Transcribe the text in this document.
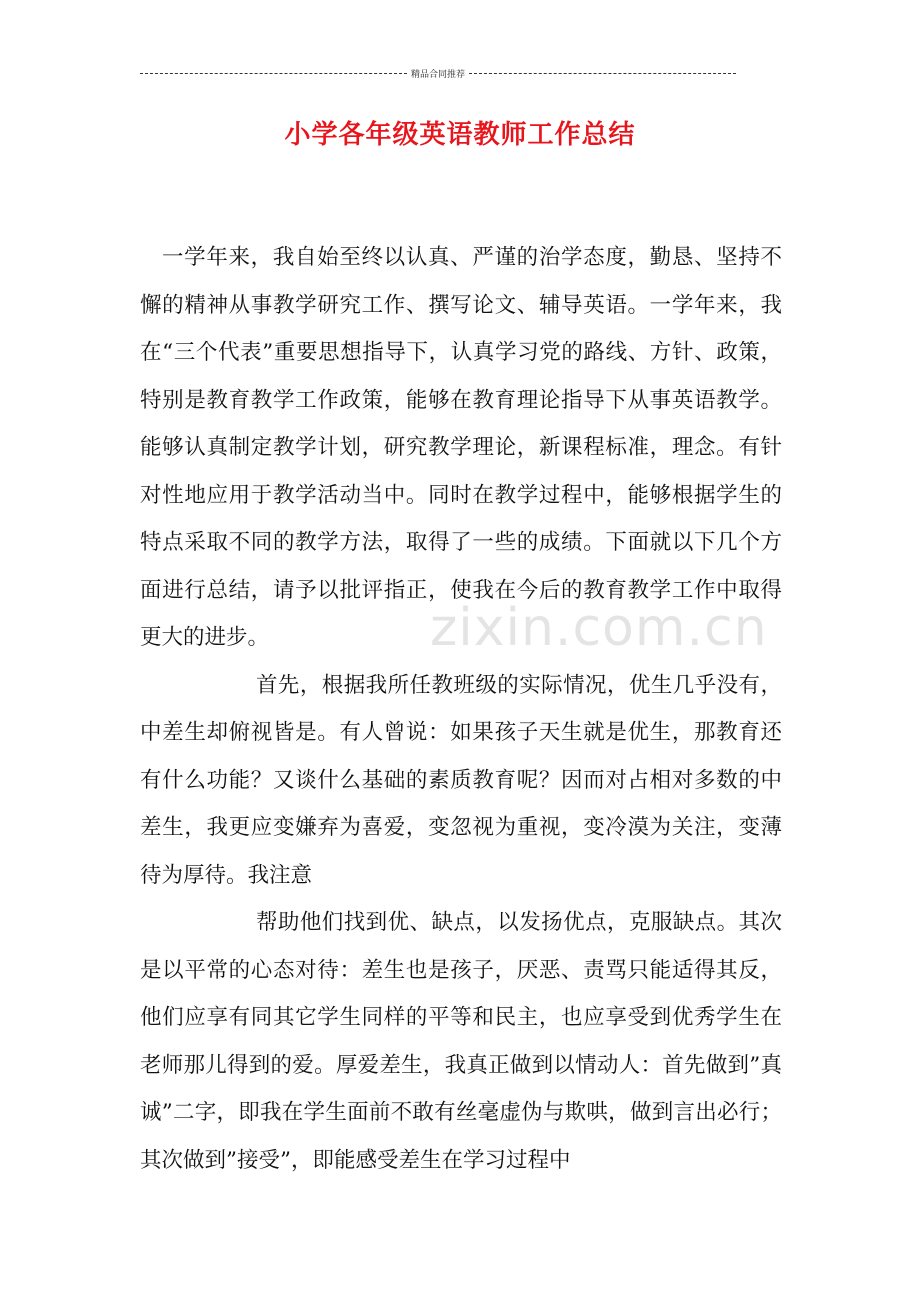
精品合同推荐
小学各年级英语教师工作总结

一学年来，我自始至终以认真、严谨的治学态度，勤恳、坚持不懈的精神从事教学研究工作、撰写论文、辅导英语。一学年来，我在“三个代表”重要思想指导下，认真学习党的路线、方针、政策，特别是教育教学工作政策，能够在教育理论指导下从事英语教学。能够认真制定教学计划，研究教学理论，新课程标准，理念。有针对性地应用于教学活动当中。同时在教学过程中，能够根据学生的特点采取不同的教学方法，取得了一些的成绩。下面就以下几个方面进行总结，请予以批评指正，使我在今后的教育教学工作中取得更大的进步。

首先，根据我所任教班级的实际情况，优生几乎没有，中差生却俯视皆是。有人曾说：如果孩子天生就是优生，那教育还有什么功能？又谈什么基础的素质教育呢？因而对占相对多数的中差生，我更应变嫌弃为喜爱，变忽视为重视，变冷漠为关注，变薄待为厚待。我注意

帮助他们找到优、缺点，以发扬优点，克服缺点。其次是以平常的心态对待：差生也是孩子，厌恶、责骂只能适得其反，他们应享有同其它学生同样的平等和民主，也应享受到优秀学生在老师那儿得到的爱。厚爱差生，我真正做到以情动人：首先做到”真诚”二字，即我在学生面前不敢有丝毫虚伪与欺哄，做到言出必行；其次做到”接受”，即能感受差生在学习过程中

zixin.com.cn
